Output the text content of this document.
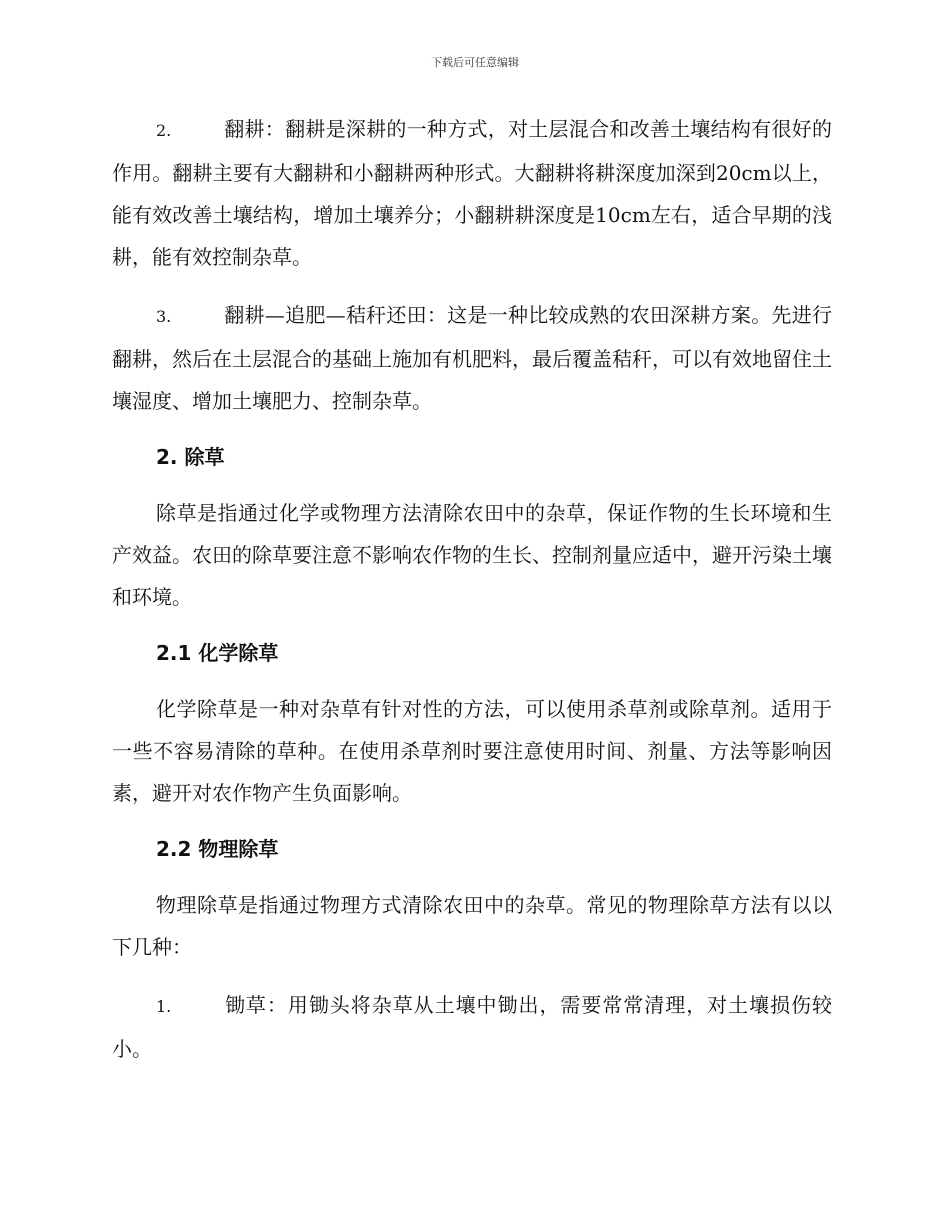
下载后可任意编辑

2.	翻耕：翻耕是深耕的一种方式，对土层混合和改善土壤结构有很好的作用。翻耕主要有大翻耕和小翻耕两种形式。大翻耕将耕深度加深到20cm以上，能有效改善土壤结构，增加土壤养分；小翻耕耕深度是10cm左右，适合早期的浅耕，能有效控制杂草。

3.	翻耕—追肥—秸秆还田：这是一种比较成熟的农田深耕方案。先进行翻耕，然后在土层混合的基础上施加有机肥料，最后覆盖秸秆，可以有效地留住土壤湿度、增加土壤肥力、控制杂草。

2. 除草

除草是指通过化学或物理方法清除农田中的杂草，保证作物的生长环境和生产效益。农田的除草要注意不影响农作物的生长、控制剂量应适中，避开污染土壤和环境。

2.1 化学除草

化学除草是一种对杂草有针对性的方法，可以使用杀草剂或除草剂。适用于一些不容易清除的草种。在使用杀草剂时要注意使用时间、剂量、方法等影响因素，避开对农作物产生负面影响。

2.2 物理除草

物理除草是指通过物理方式清除农田中的杂草。常见的物理除草方法有以以下几种：

1.	锄草：用锄头将杂草从土壤中锄出，需要常常清理，对土壤损伤较小。
